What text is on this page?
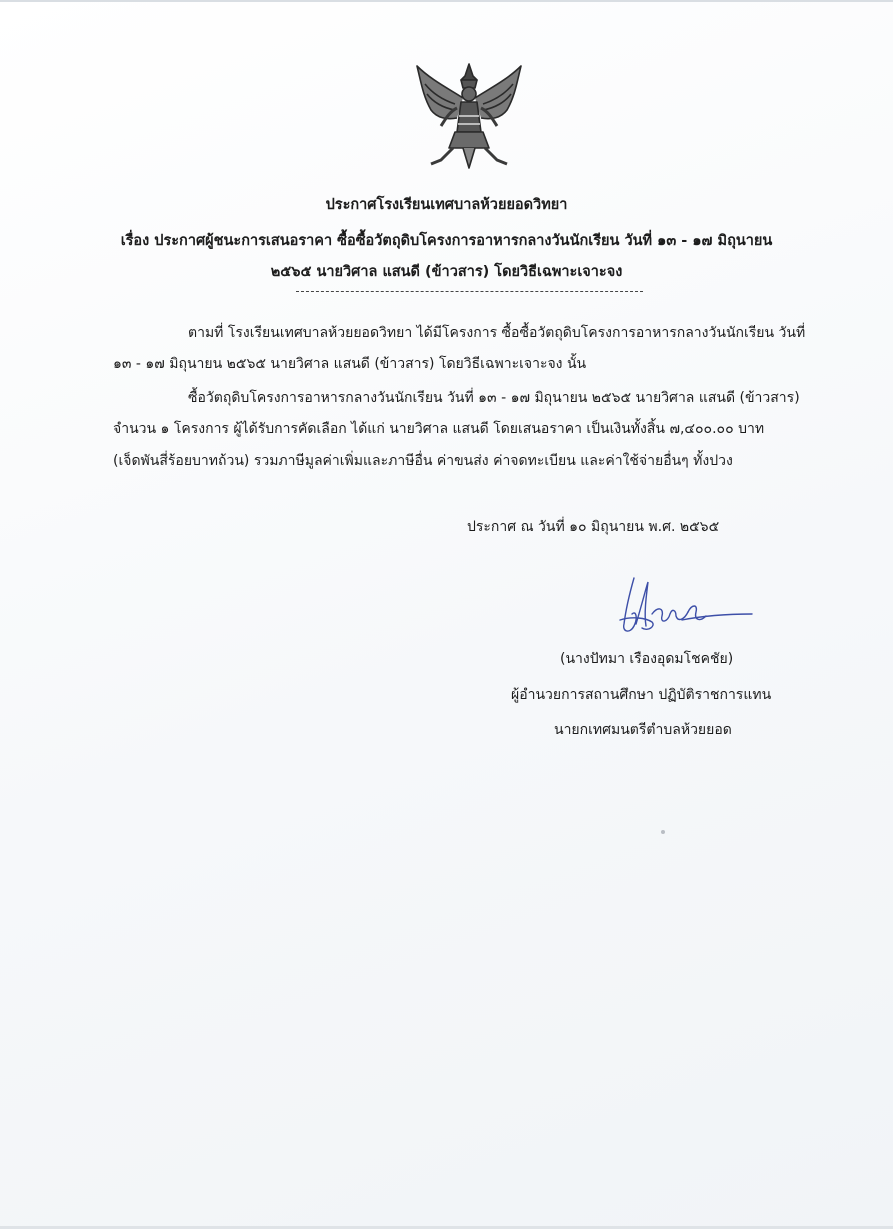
ประกาศโรงเรียนเทศบาลห้วยยอดวิทยา
เรื่อง ประกาศผู้ชนะการเสนอราคา ซื้อซื้อวัตถุดิบโครงการอาหารกลางวันนักเรียน วันที่ ๑๓ - ๑๗ มิถุนายน
๒๕๖๕ นายวิศาล แสนดี (ข้าวสาร) โดยวิธีเฉพาะเจาะจง
ตามที่ โรงเรียนเทศบาลห้วยยอดวิทยา ได้มีโครงการ ซื้อซื้อวัตถุดิบโครงการอาหารกลางวันนักเรียน วันที่
๑๓ - ๑๗ มิถุนายน ๒๕๖๕ นายวิศาล แสนดี (ข้าวสาร) โดยวิธีเฉพาะเจาะจง นั้น
ซื้อวัตถุดิบโครงการอาหารกลางวันนักเรียน วันที่ ๑๓ - ๑๗ มิถุนายน ๒๕๖๕ นายวิศาล แสนดี (ข้าวสาร)
จำนวน ๑ โครงการ ผู้ได้รับการคัดเลือก ได้แก่ นายวิศาล แสนดี โดยเสนอราคา เป็นเงินทั้งสิ้น ๗,๔๐๐.๐๐ บาท
(เจ็ดพันสี่ร้อยบาทถ้วน) รวมภาษีมูลค่าเพิ่มและภาษีอื่น ค่าขนส่ง ค่าจดทะเบียน และค่าใช้จ่ายอื่นๆ ทั้งปวง
ประกาศ ณ วันที่ ๑๐ มิถุนายน พ.ศ. ๒๕๖๕
(นางปัทมา เรืองอุดมโชคชัย)
ผู้อำนวยการสถานศึกษา ปฏิบัติราชการแทน
นายกเทศมนตรีตำบลห้วยยอด
